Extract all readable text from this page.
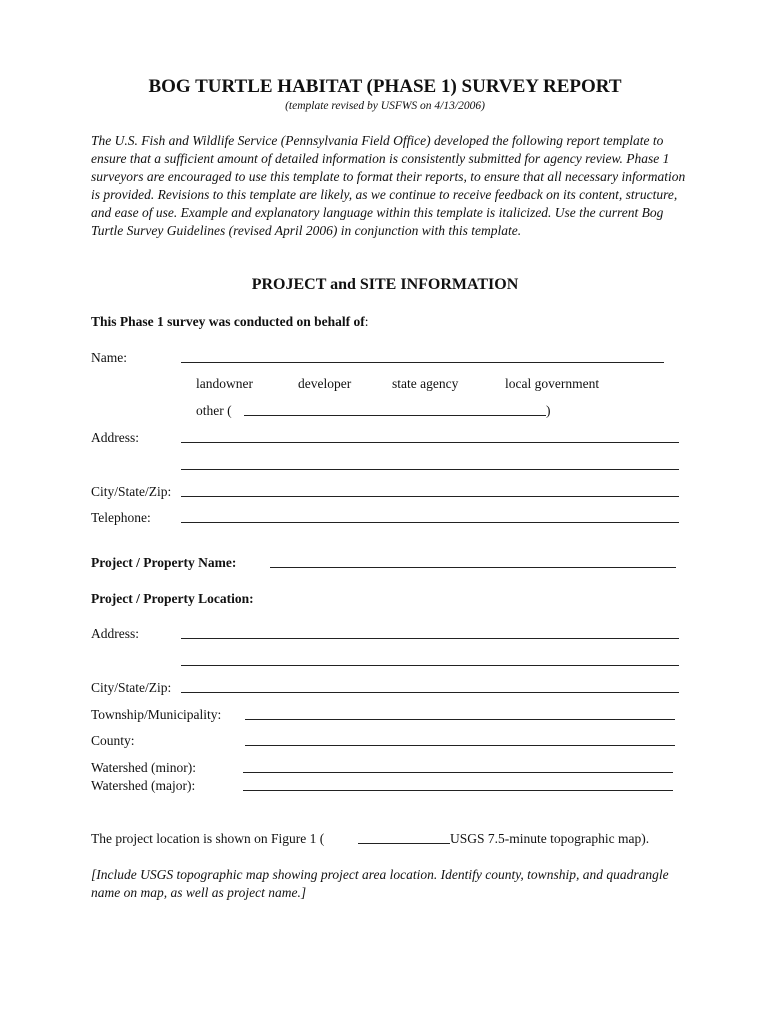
BOG TURTLE HABITAT (PHASE 1) SURVEY REPORT
(template revised by USFWS on 4/13/2006)
The U.S. Fish and Wildlife Service (Pennsylvania Field Office) developed the following report template to ensure that a sufficient amount of detailed information is consistently submitted for agency review. Phase 1 surveyors are encouraged to use this template to format their reports, to ensure that all necessary information is provided. Revisions to this template are likely, as we continue to receive feedback on its content, structure, and ease of use. Example and explanatory language within this template is italicized. Use the current Bog Turtle Survey Guidelines (revised April 2006) in conjunction with this template.
PROJECT and SITE INFORMATION
This Phase 1 survey was conducted on behalf of:
Name:
landowner	developer	state agency	local government
other (	)
Address:
City/State/Zip:
Telephone:
Project / Property Name:
Project / Property Location:
Address:
City/State/Zip:
Township/Municipality:
County:
Watershed (minor):
Watershed (major):
The project location is shown on Figure 1 (	USGS 7.5-minute topographic map).
[Include USGS topographic map showing project area location. Identify county, township, and quadrangle name on map, as well as project name.]
